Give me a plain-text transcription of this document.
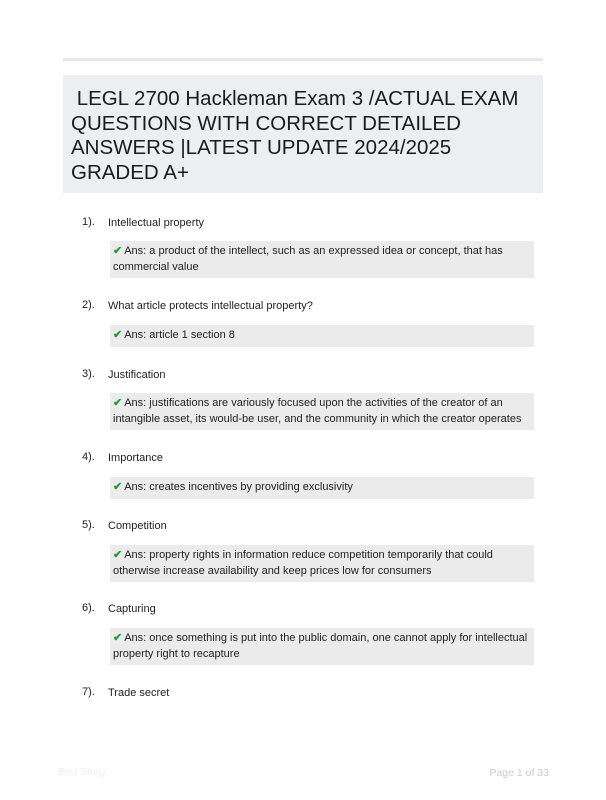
LEGL 2700 Hackleman Exam 3 /ACTUAL EXAM QUESTIONS WITH CORRECT DETAILED ANSWERS |LATEST UPDATE 2024/2025 GRADED A+
1). Intellectual property
✔ Ans: a product of the intellect, such as an expressed idea or concept, that has commercial value
2). What article protects intellectual property?
✔ Ans: article 1 section 8
3). Justification
✔ Ans: justifications are variously focused upon the activities of the creator of an intangible asset, its would-be user, and the community in which the creator operates
4). Importance
✔ Ans: creates incentives by providing exclusivity
5). Competition
✔ Ans: property rights in information reduce competition temporarily that could otherwise increase availability and keep prices low for consumers
6). Capturing
✔ Ans: once something is put into the public domain, one cannot apply for intellectual property right to recapture
7). Trade secret
Best Study	Page 1 of 33
